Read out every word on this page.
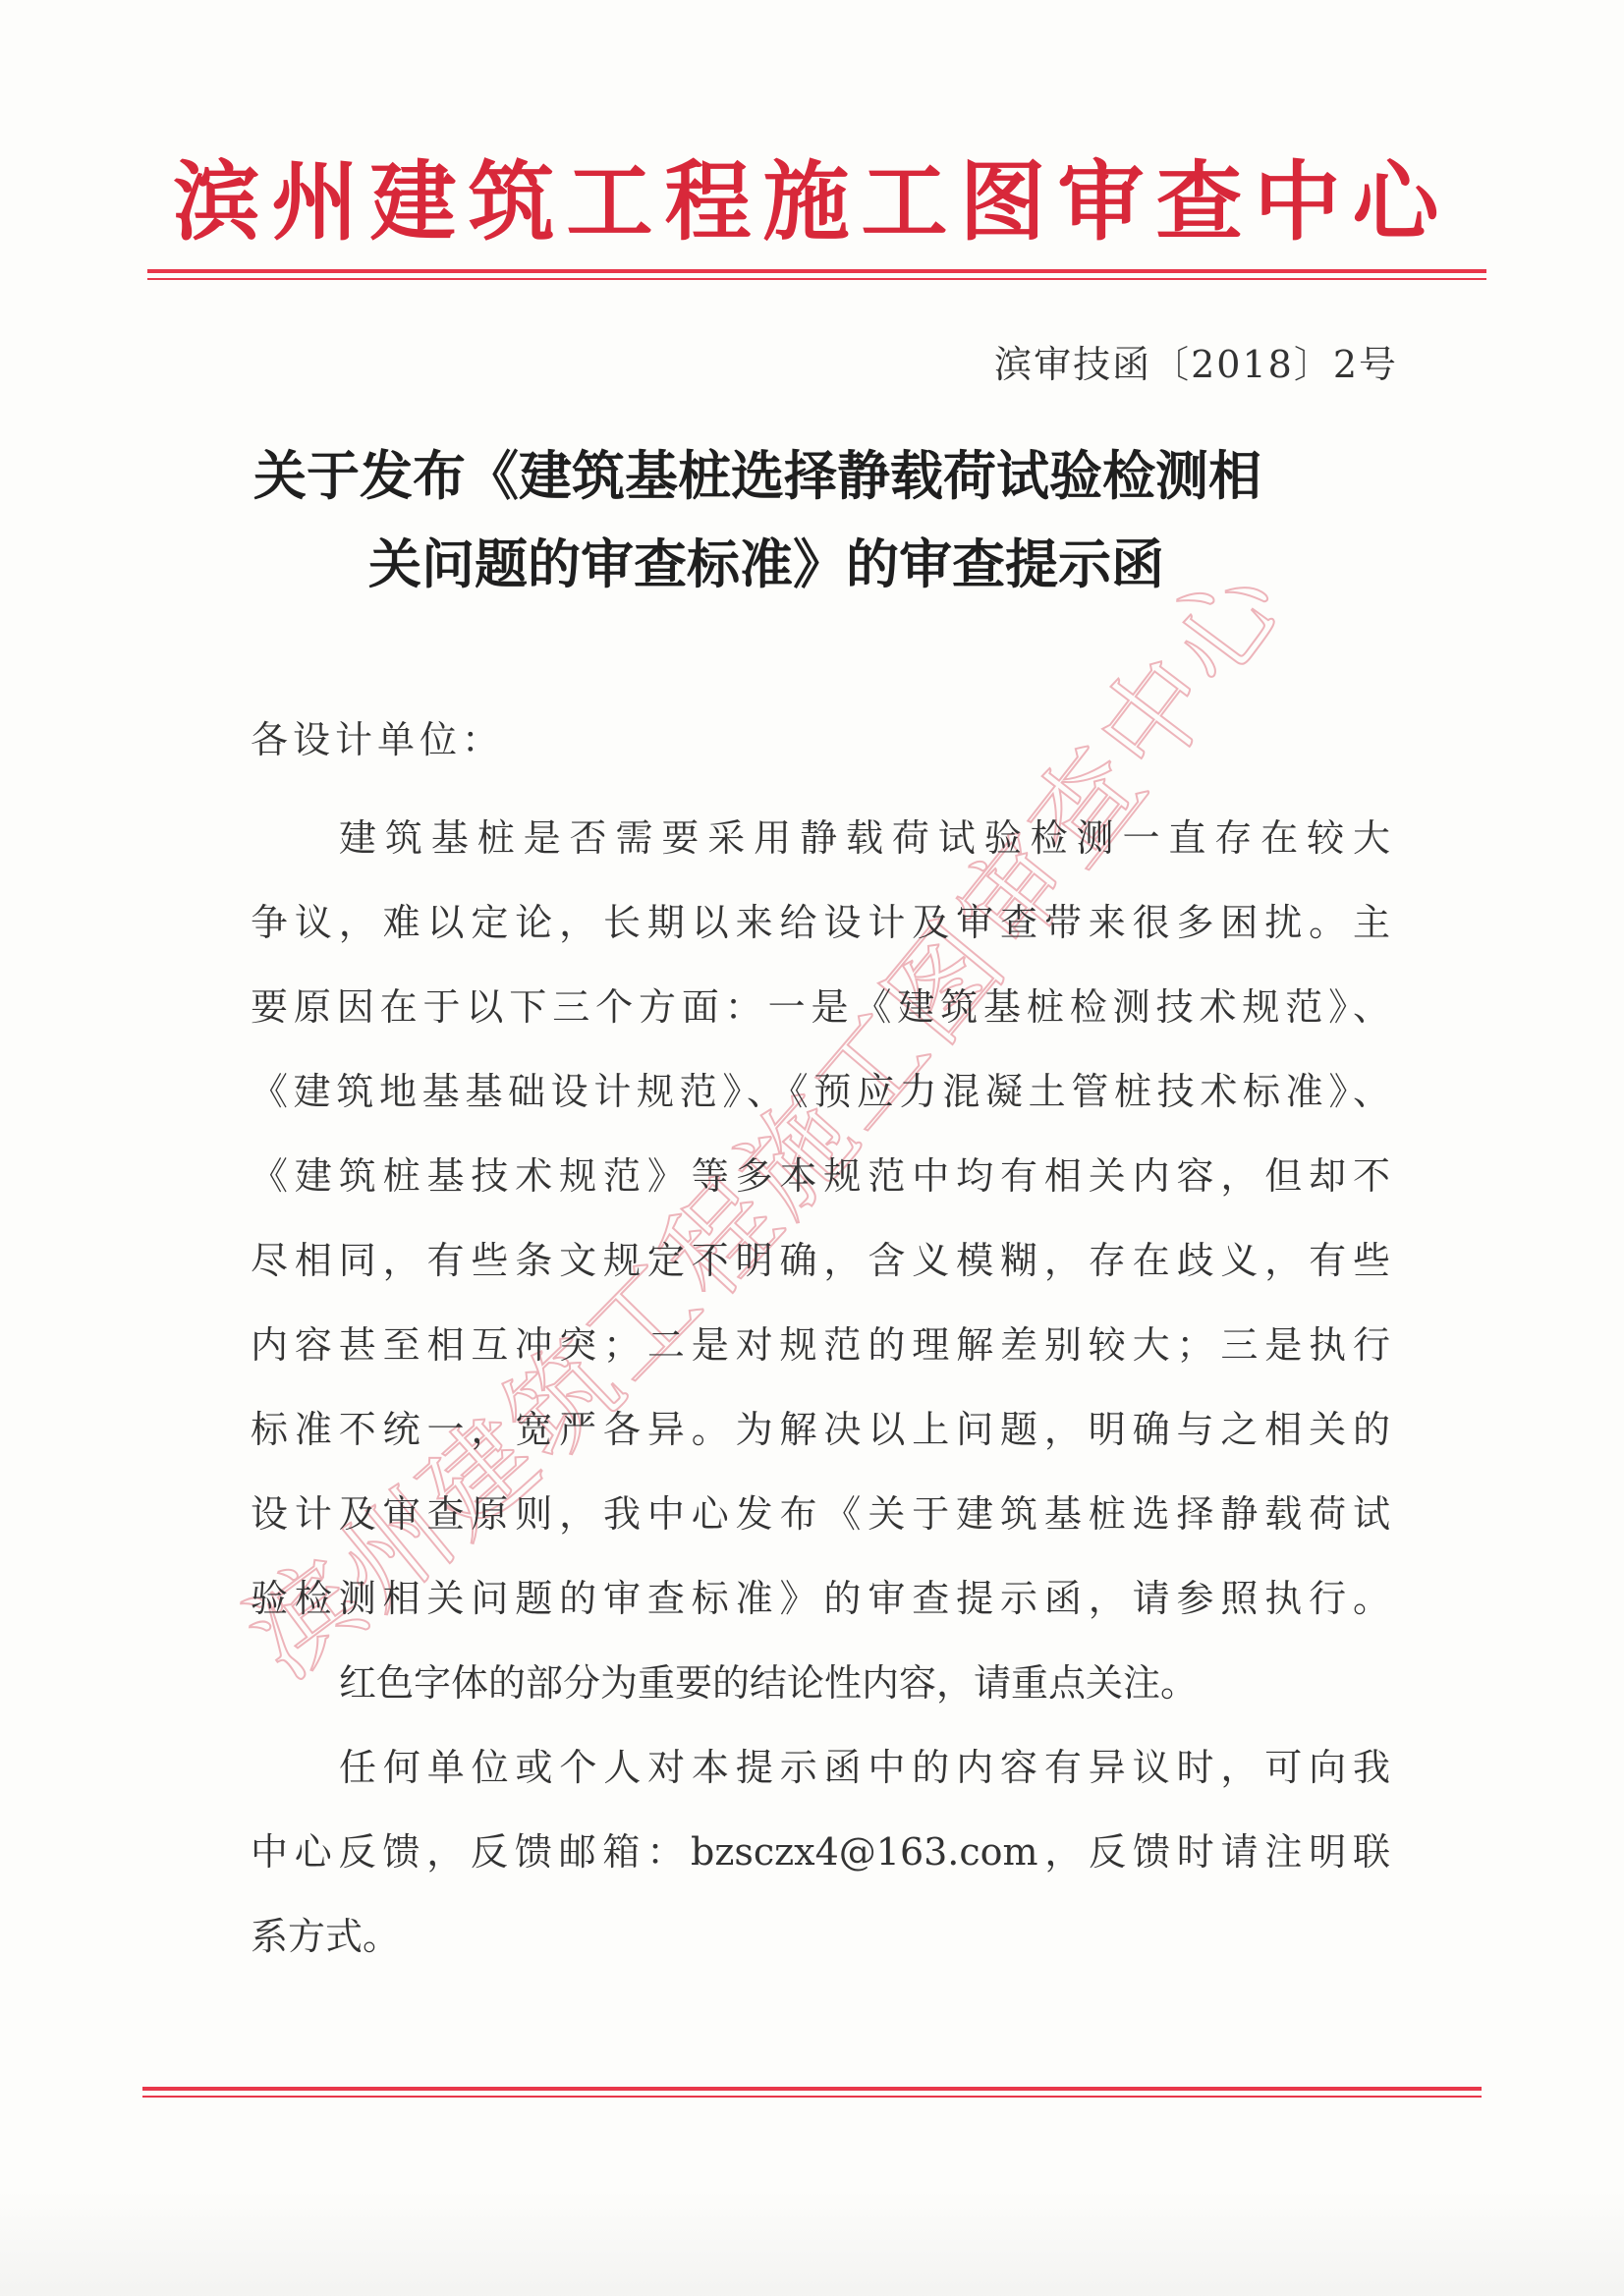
滨州建筑工程施工图审查中心
滨审技函〔2018〕2号
关于发布《建筑基桩选择静载荷试验检测相
关问题的审查标准》的审查提示函
滨州建筑工程施工图审查中心
各设计单位：
建筑基桩是否需要采用静载荷试验检测一直存在较大
争议，难以定论，长期以来给设计及审查带来很多困扰。主
要原因在于以下三个方面：一是《建筑基桩检测技术规范》、
《建筑地基基础设计规范》、《预应力混凝土管桩技术标准》、
《建筑桩基技术规范》等多本规范中均有相关内容，但却不
尽相同，有些条文规定不明确，含义模糊，存在歧义，有些
内容甚至相互冲突；二是对规范的理解差别较大；三是执行
标准不统一，宽严各异。为解决以上问题，明确与之相关的
设计及审查原则，我中心发布《关于建筑基桩选择静载荷试
验检测相关问题的审查标准》的审查提示函，请参照执行。
红色字体的部分为重要的结论性内容，请重点关注。
任何单位或个人对本提示函中的内容有异议时，可向我
中心反馈，反馈邮箱：bzsczx4@163.com，反馈时请注明联
系方式。
